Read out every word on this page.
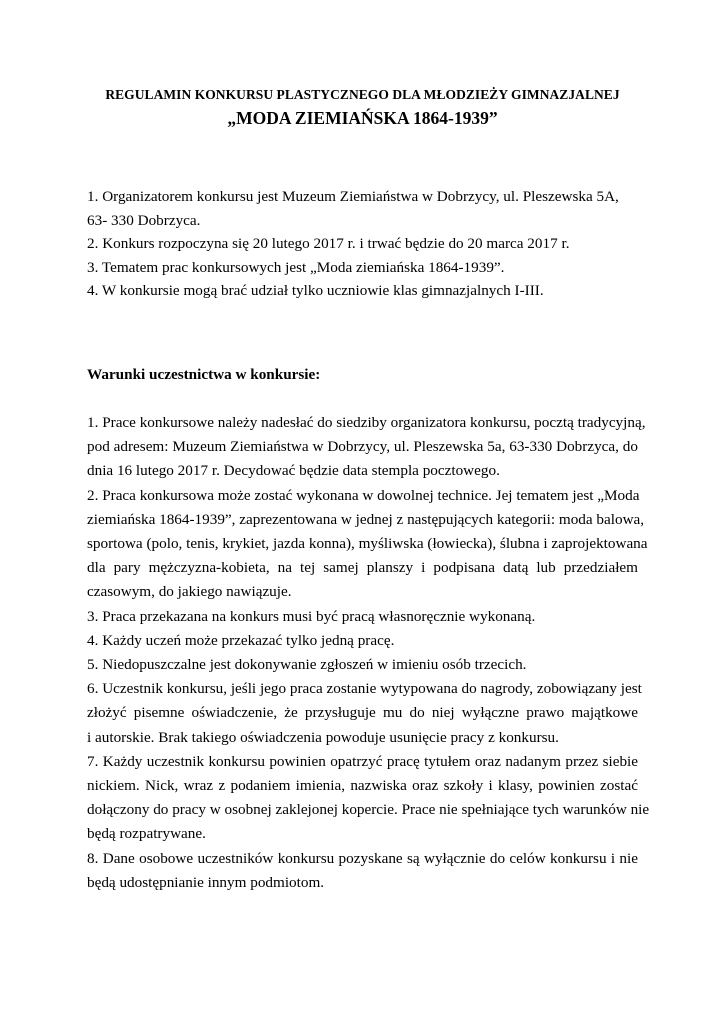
REGULAMIN KONKURSU PLASTYCZNEGO DLA MŁODZIEŻY GIMNAZJALNEJ
„MODA ZIEMIAŃSKA 1864-1939”
1. Organizatorem konkursu jest Muzeum Ziemiaństwa w Dobrzycy, ul. Pleszewska 5A,
63- 330 Dobrzyca.
2. Konkurs rozpoczyna się 20 lutego 2017 r. i trwać będzie do 20 marca 2017 r.
3. Tematem prac konkursowych jest „Moda ziemiańska 1864-1939”.
4. W konkursie mogą brać udział tylko uczniowie klas gimnazjalnych I-III.
Warunki uczestnictwa w konkursie:
1. Prace konkursowe należy nadesłać do siedziby organizatora konkursu, pocztą tradycyjną,
pod adresem: Muzeum Ziemiaństwa w Dobrzycy, ul. Pleszewska 5a, 63-330 Dobrzyca, do
dnia 16 lutego 2017 r. Decydować będzie data stempla pocztowego.
2. Praca konkursowa może zostać wykonana w dowolnej technice. Jej tematem jest „Moda
ziemiańska 1864-1939”, zaprezentowana w jednej z następujących kategorii: moda balowa,
sportowa (polo, tenis, krykiet, jazda konna), myśliwska (łowiecka), ślubna i zaprojektowana
dla pary mężczyzna-kobieta, na tej samej planszy i podpisana datą lub przedziałem
czasowym, do jakiego nawiązuje.
3. Praca przekazana na konkurs musi być pracą własnoręcznie wykonaną.
4. Każdy uczeń może przekazać tylko jedną pracę.
5. Niedopuszczalne jest dokonywanie zgłoszeń w imieniu osób trzecich.
6. Uczestnik konkursu, jeśli jego praca zostanie wytypowana do nagrody, zobowiązany jest
złożyć pisemne oświadczenie, że przysługuje mu do niej wyłączne prawo majątkowe
i autorskie. Brak takiego oświadczenia powoduje usunięcie pracy z konkursu.
7. Każdy uczestnik konkursu powinien opatrzyć pracę tytułem oraz nadanym przez siebie
nickiem. Nick, wraz z podaniem imienia, nazwiska oraz szkoły i klasy, powinien zostać
dołączony do pracy w osobnej zaklejonej kopercie. Prace nie spełniające tych warunków nie
będą rozpatrywane.
8. Dane osobowe uczestników konkursu pozyskane są wyłącznie do celów konkursu i nie
będą udostępnianie innym podmiotom.
